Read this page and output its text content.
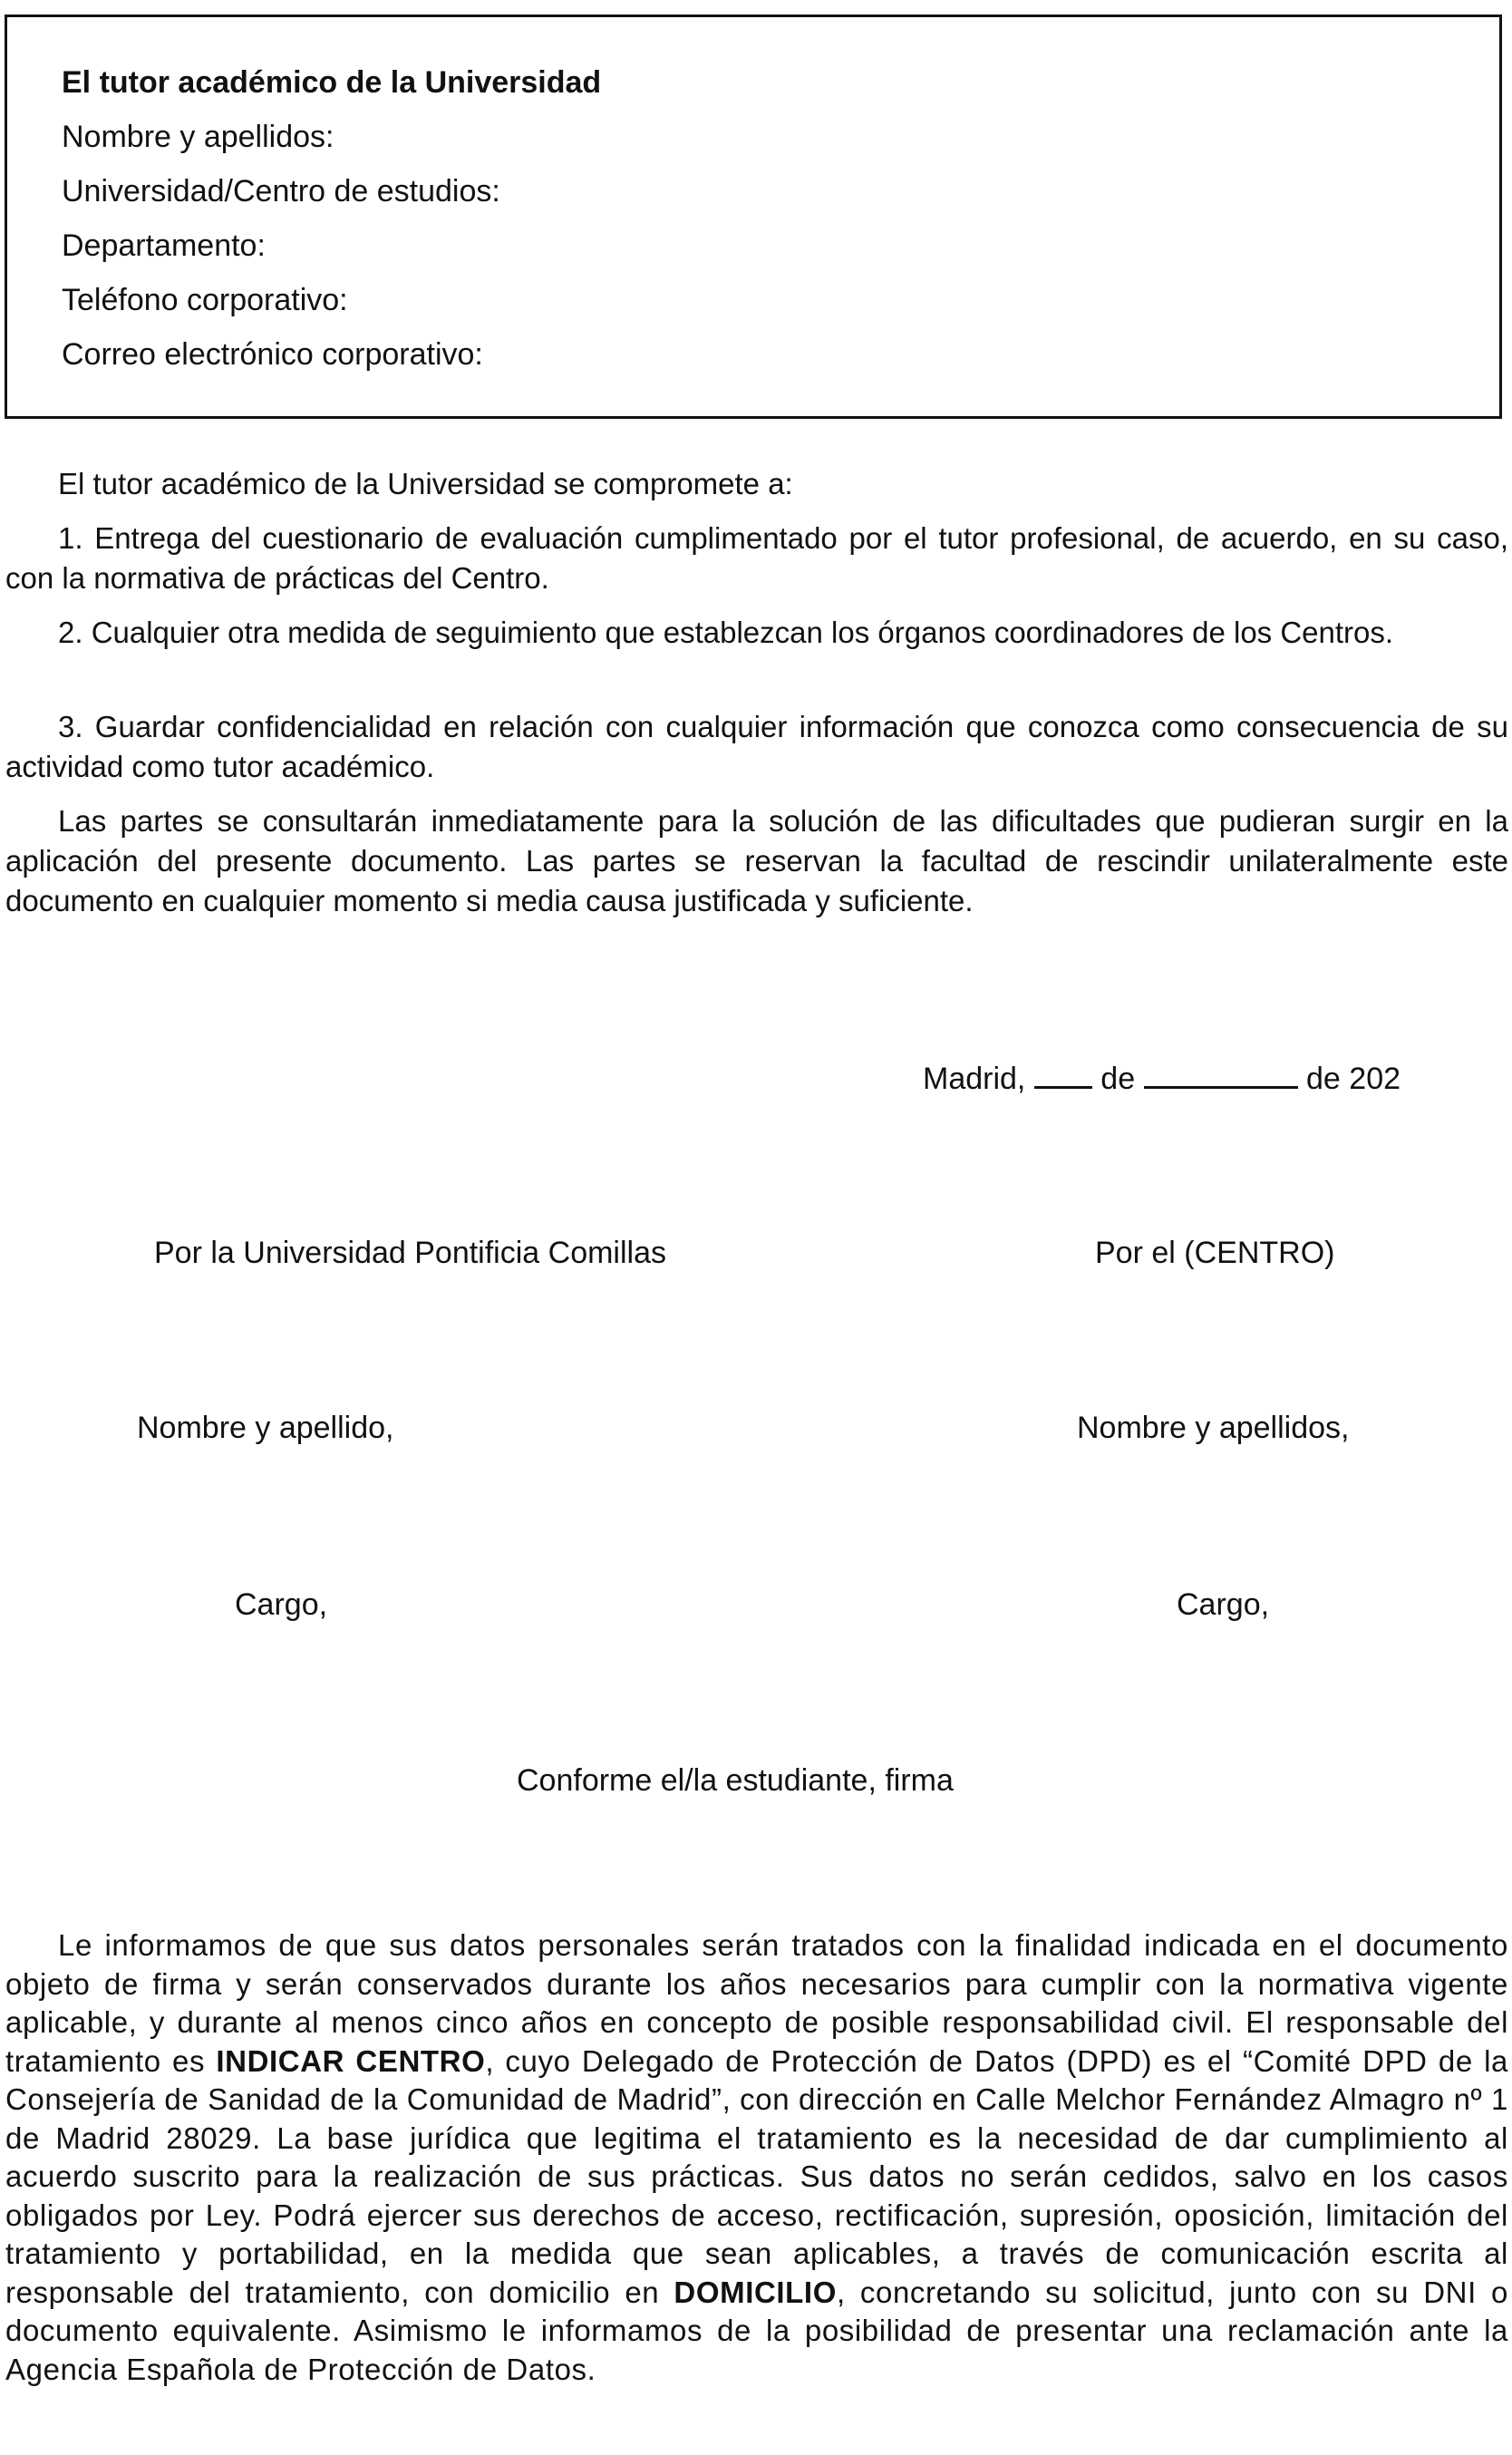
El tutor académico de la Universidad
Nombre y apellidos:
Universidad/Centro de estudios:
Departamento:
Teléfono corporativo:
Correo electrónico corporativo:
El tutor académico de la Universidad se compromete a:
1. Entrega del cuestionario de evaluación cumplimentado por el tutor profesional, de acuerdo, en su caso, con la normativa de prácticas del Centro.
2. Cualquier otra medida de seguimiento que establezcan los órganos coordinadores de los Centros.
3. Guardar confidencialidad en relación con cualquier información que conozca como consecuencia de su actividad como tutor académico.
Las partes se consultarán inmediatamente para la solución de las dificultades que pudieran surgir en la aplicación del presente documento. Las partes se reservan la facultad de rescindir unilateralmente este documento en cualquier momento si media causa justificada y suficiente.
Madrid, de	de 202
Por la Universidad Pontificia Comillas	Por el (CENTRO)
Nombre y apellido,	Nombre y apellidos,
Cargo,	Cargo,
Conforme el/la estudiante, firma
Le informamos de que sus datos personales serán tratados con la finalidad indicada en el documento objeto de firma y serán conservados durante los años necesarios para cumplir con la normativa vigente aplicable, y durante al menos cinco años en concepto de posible responsabilidad civil. El responsable del tratamiento es INDICAR CENTRO, cuyo Delegado de Protección de Datos (DPD) es el “Comité DPD de la Consejería de Sanidad de la Comunidad de Madrid”, con dirección en Calle Melchor Fernández Almagro nº 1 de Madrid 28029. La base jurídica que legitima el tratamiento es la necesidad de dar cumplimiento al acuerdo suscrito para la realización de sus prácticas. Sus datos no serán cedidos, salvo en los casos obligados por Ley. Podrá ejercer sus derechos de acceso, rectificación, supresión, oposición, limitación del tratamiento y portabilidad, en la medida que sean aplicables, a través de comunicación escrita al responsable del tratamiento, con domicilio en DOMICILIO, concretando su solicitud, junto con su DNI o documento equivalente. Asimismo le informamos de la posibilidad de presentar una reclamación ante la Agencia Española de Protección de Datos.
